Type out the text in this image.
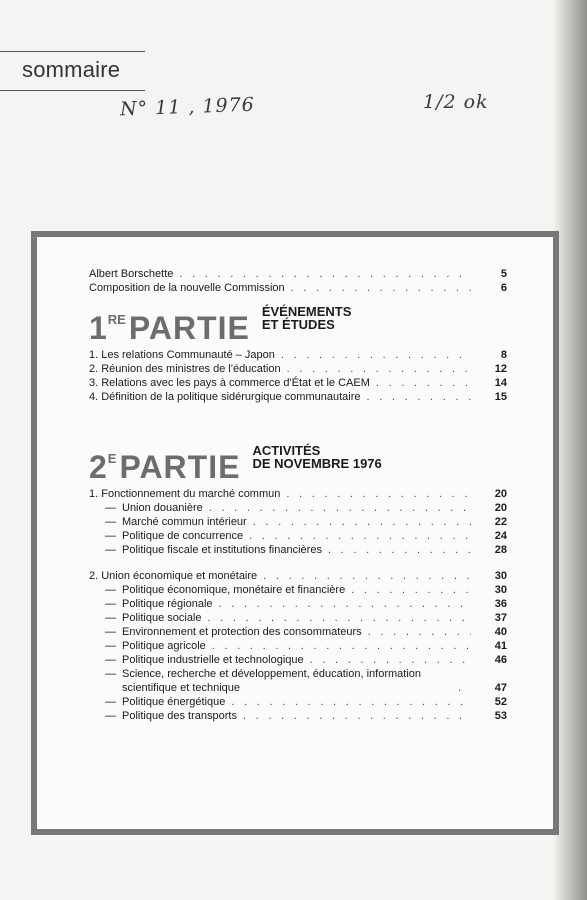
sommaire
N° 11 , 1976	1/2 ok
Albert Borschette . . .	5
Composition de la nouvelle Commission . . .	6
1REPARTIE ÉVÉNEMENTS
ET ÉTUDES
1. Les relations Communauté – Japon . . .	8
2. Réunion des ministres de l'éducation . . .	12
3. Relations avec les pays à commerce d'État et le CAEM . . .	14
4. Définition de la politique sidérurgique communautaire . . .	15
$2^EPARTIE$ ACTIVITÉS
DE NOVEMBRE 1976
1. Fonctionnement du marché commun . . .	20
— Union douanière . . .	20
— Marché commun intérieur . . .	22
— Politique de concurrence . . .	24
— Politique fiscale et institutions financières . . .	28
2. Union économique et monétaire . . .	30
— Politique économique, monétaire et financière . . .	30
— Politique régionale . . .	36
— Politique sociale . . .	37
— Environnement et protection des consommateurs . . .	40
— Politique agricole . . .	41
— Politique industrielle et technologique . . .	46
— Science, recherche et développement, éducation, information scientifique et technique . . .	47
— Politique énergétique . . .	52
— Politique des transports . . .	53
